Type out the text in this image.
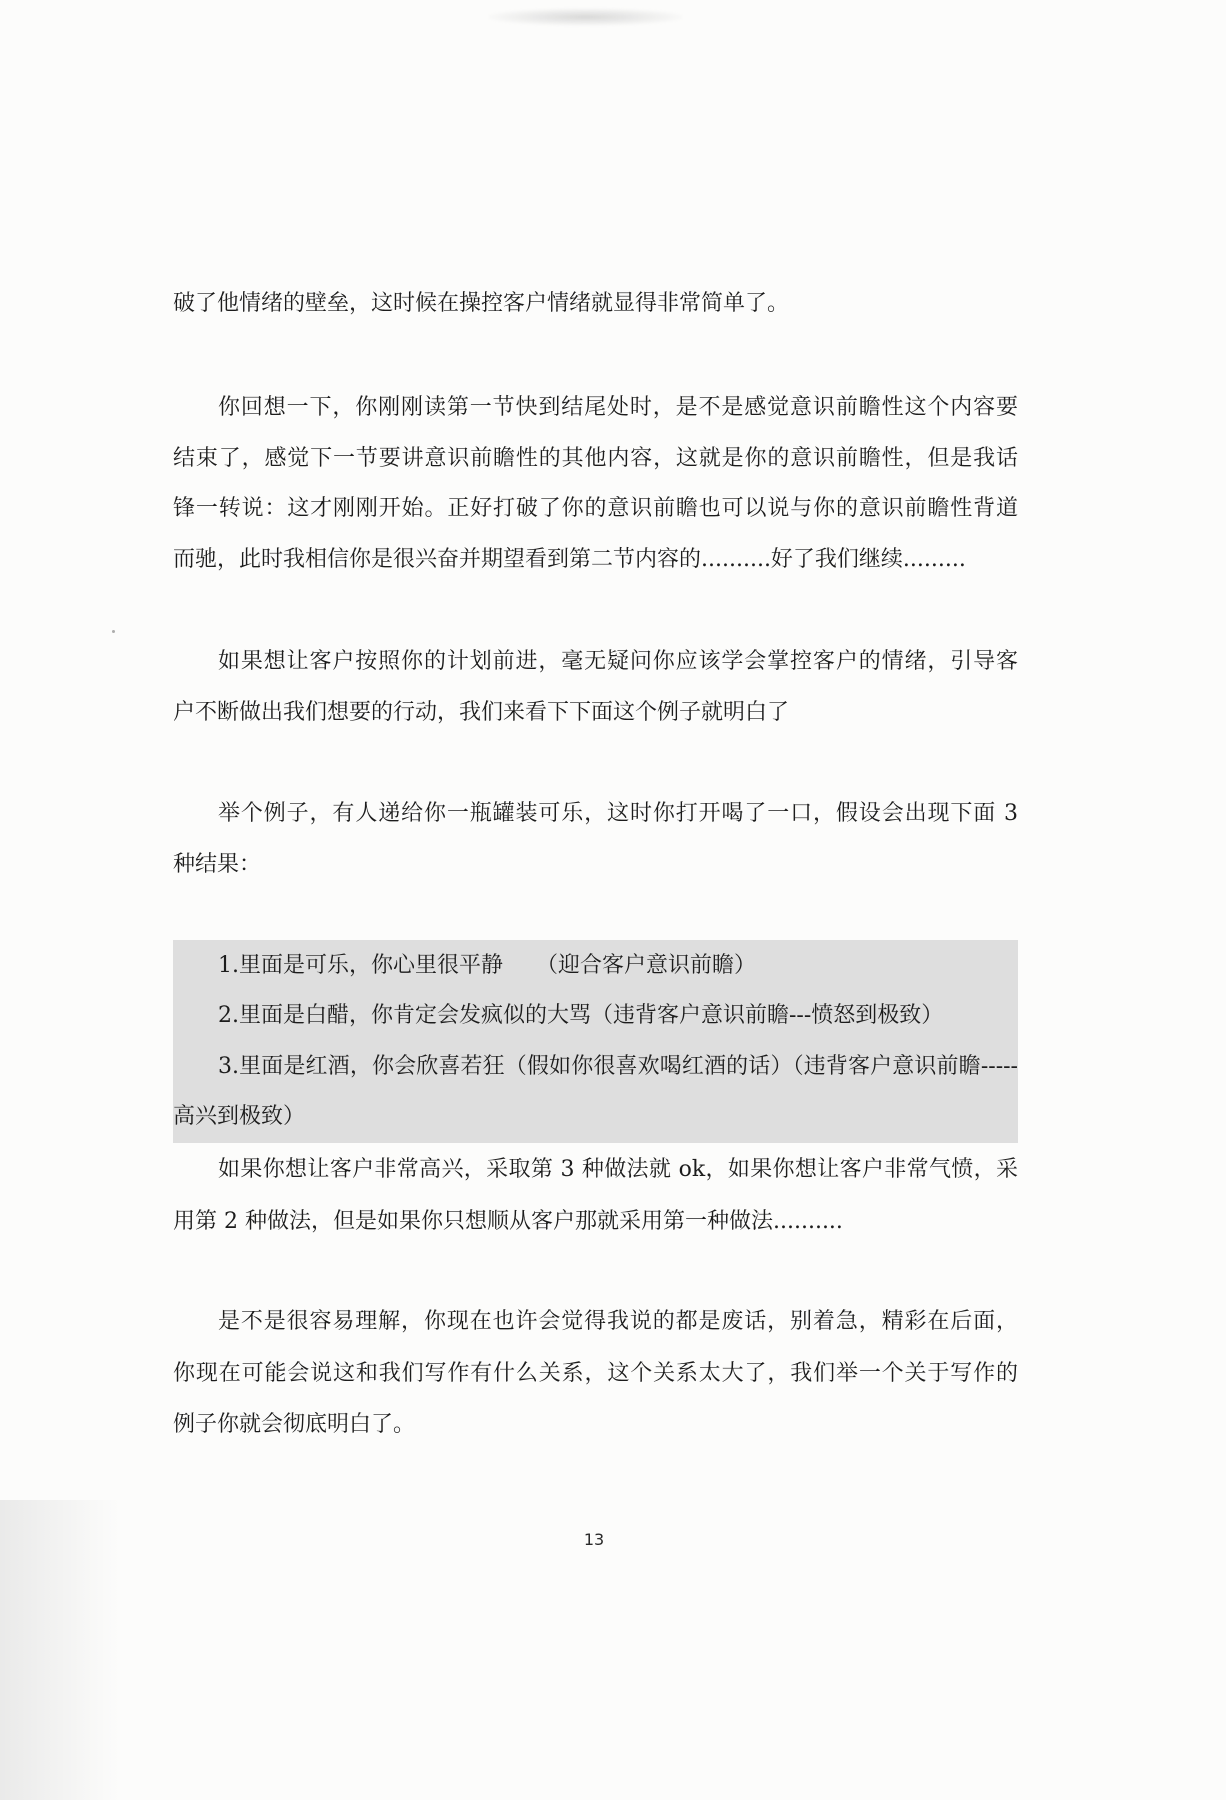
破了他情绪的壁垒，这时候在操控客户情绪就显得非常简单了。
你回想一下，你刚刚读第一节快到结尾处时，是不是感觉意识前瞻性这个内容要
结束了，感觉下一节要讲意识前瞻性的其他内容，这就是你的意识前瞻性，但是我话
锋一转说：这才刚刚开始。正好打破了你的意识前瞻也可以说与你的意识前瞻性背道
而驰，此时我相信你是很兴奋并期望看到第二节内容的..........好了我们继续.........
如果想让客户按照你的计划前进，毫无疑问你应该学会掌控客户的情绪，引导客
户不断做出我们想要的行动，我们来看下下面这个例子就明白了
举个例子，有人递给你一瓶罐装可乐，这时你打开喝了一口，假设会出现下面 3
种结果：
1.里面是可乐，你心里很平静　　（迎合客户意识前瞻）
2.里面是白醋，你肯定会发疯似的大骂（违背客户意识前瞻---愤怒到极致）
3.里面是红酒，你会欣喜若狂（假如你很喜欢喝红酒的话）（违背客户意识前瞻-----
高兴到极致）
如果你想让客户非常高兴，采取第 3 种做法就 ok，如果你想让客户非常气愤，采
用第 2 种做法，但是如果你只想顺从客户那就采用第一种做法..........
是不是很容易理解，你现在也许会觉得我说的都是废话，别着急，精彩在后面，
你现在可能会说这和我们写作有什么关系，这个关系太大了，我们举一个关于写作的
例子你就会彻底明白了。
13
